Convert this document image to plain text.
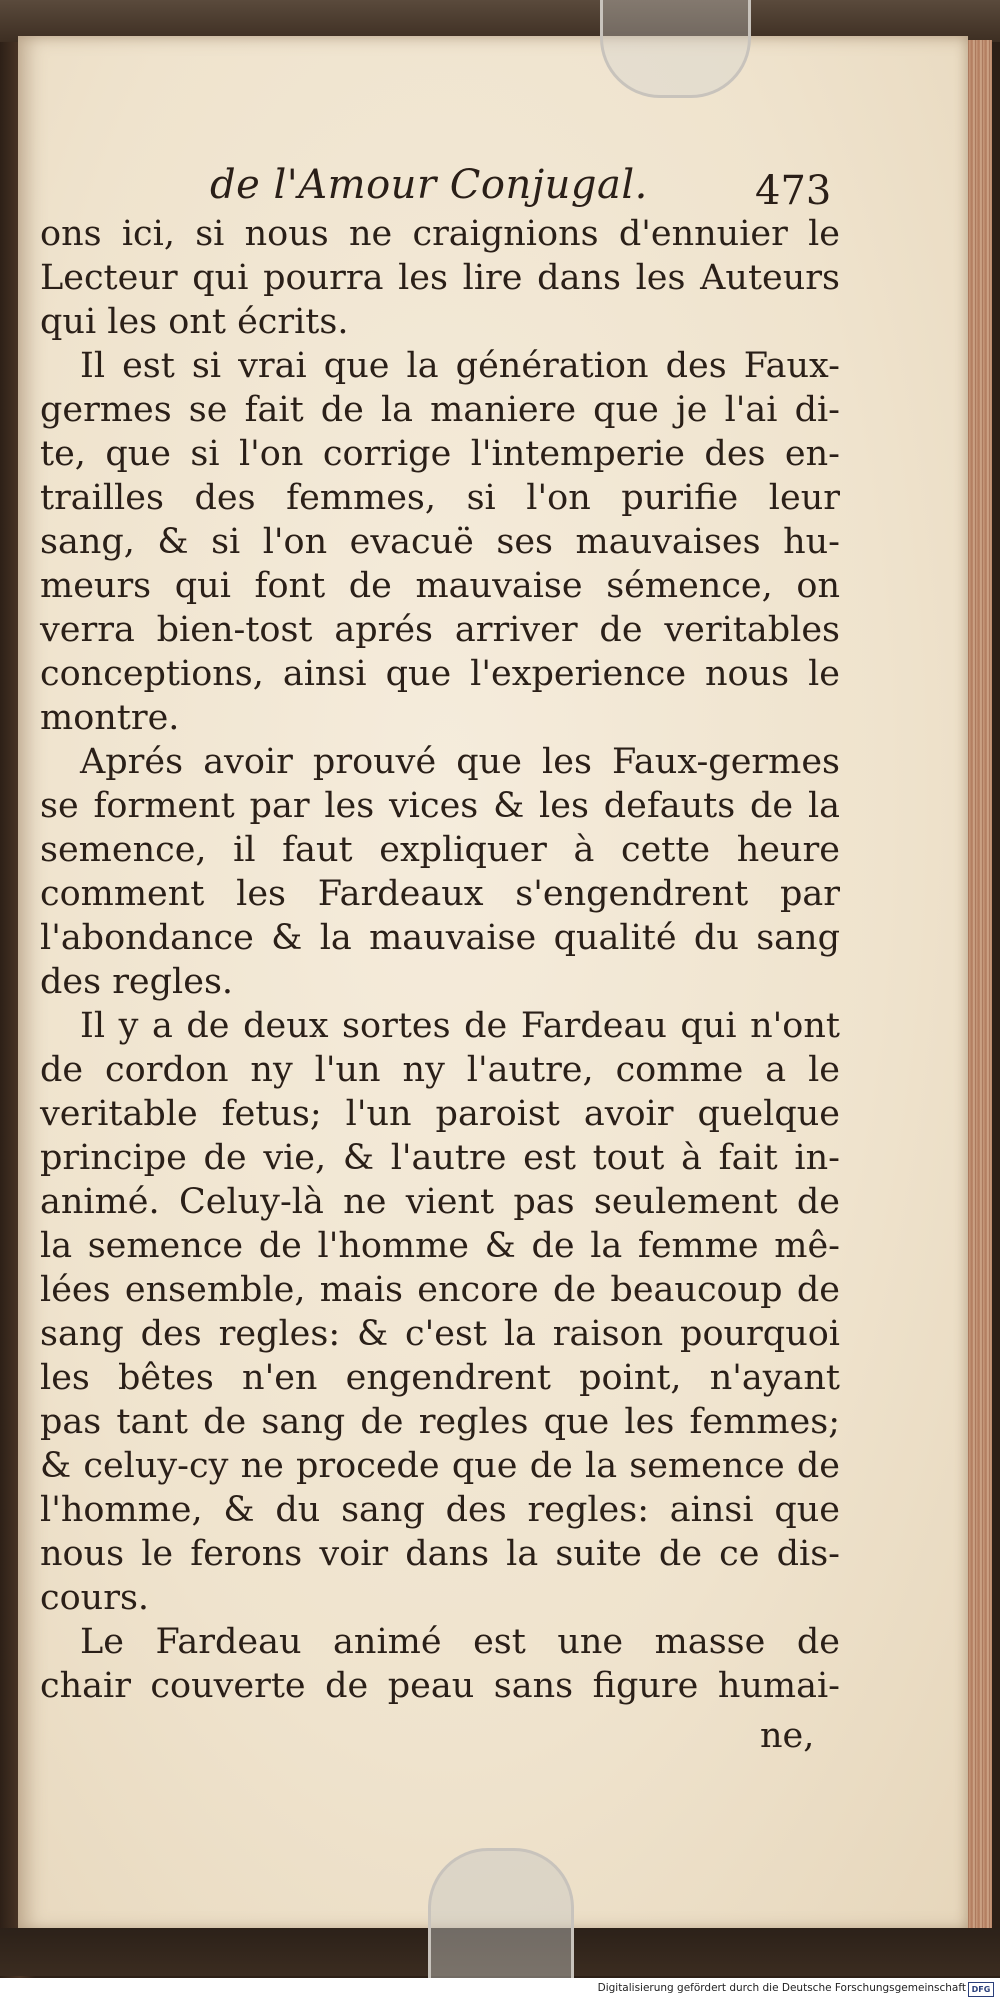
de l'Amour Conjugal.	473
ons ici, si nous ne craignions d'ennuier le
Lecteur qui pourra les lire dans les Auteurs
qui les ont écrits.
Il est si vrai que la génération des Faux-
germes se fait de la maniere que je l'ai di-
te, que si l'on corrige l'intemperie des en-
trailles des femmes, si l'on purifie leur
sang, & si l'on evacuë ses mauvaises hu-
meurs qui font de mauvaise sémence, on
verra bien-tost aprés arriver de veritables
conceptions, ainsi que l'experience nous le
montre.
Aprés avoir prouvé que les Faux-germes
se forment par les vices & les defauts de la
semence, il faut expliquer à cette heure
comment les Fardeaux s'engendrent par
l'abondance & la mauvaise qualité du sang
des regles.
Il y a de deux sortes de Fardeau qui n'ont
de cordon ny l'un ny l'autre, comme a le
veritable fetus; l'un paroist avoir quelque
principe de vie, & l'autre est tout à fait in-
animé. Celuy-là ne vient pas seulement de
la semence de l'homme & de la femme mê-
lées ensemble, mais encore de beaucoup de
sang des regles: & c'est la raison pourquoi
les bêtes n'en engendrent point, n'ayant
pas tant de sang de regles que les femmes;
& celuy-cy ne procede que de la semence de
l'homme, & du sang des regles: ainsi que
nous le ferons voir dans la suite de ce dis-
cours.
Le Fardeau animé est une masse de
chair couverte de peau sans figure humai-
ne,
Digitalisierung gefördert durch die Deutsche Forschungsgemeinschaft DFG
